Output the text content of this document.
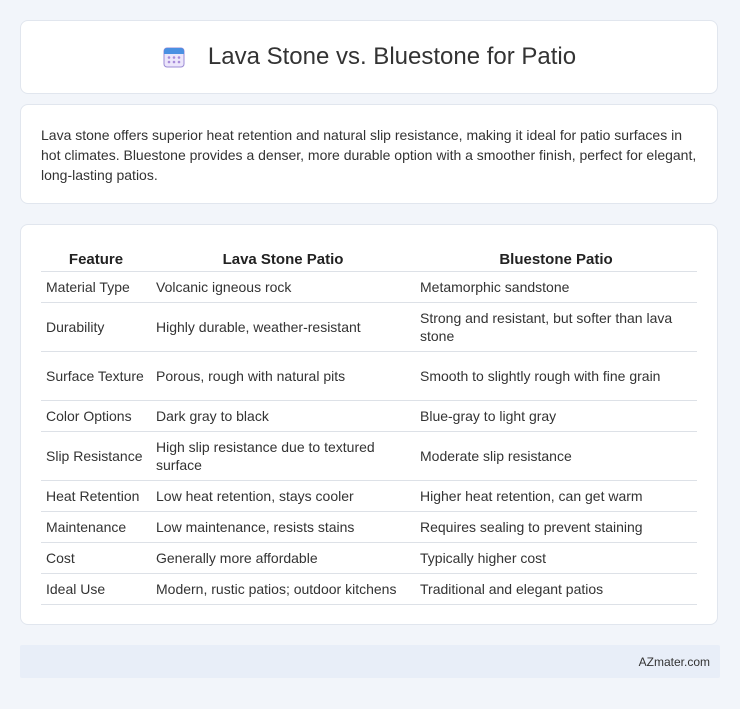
Lava Stone vs. Bluestone for Patio

Lava stone offers superior heat retention and natural slip resistance, making it ideal for patio surfaces in hot climates. Bluestone provides a denser, more durable option with a smoother finish, perfect for elegant, long-lasting patios.

Feature	Lava Stone Patio	Bluestone Patio
Material Type	Volcanic igneous rock	Metamorphic sandstone
Durability	Highly durable, weather-resistant	Strong and resistant, but softer than lava stone
Surface Texture	Porous, rough with natural pits	Smooth to slightly rough with fine grain
Color Options	Dark gray to black	Blue-gray to light gray
Slip Resistance	High slip resistance due to textured surface	Moderate slip resistance
Heat Retention	Low heat retention, stays cooler	Higher heat retention, can get warm
Maintenance	Low maintenance, resists stains	Requires sealing to prevent staining
Cost	Generally more affordable	Typically higher cost
Ideal Use	Modern, rustic patios; outdoor kitchens	Traditional and elegant patios
AZmater.com
